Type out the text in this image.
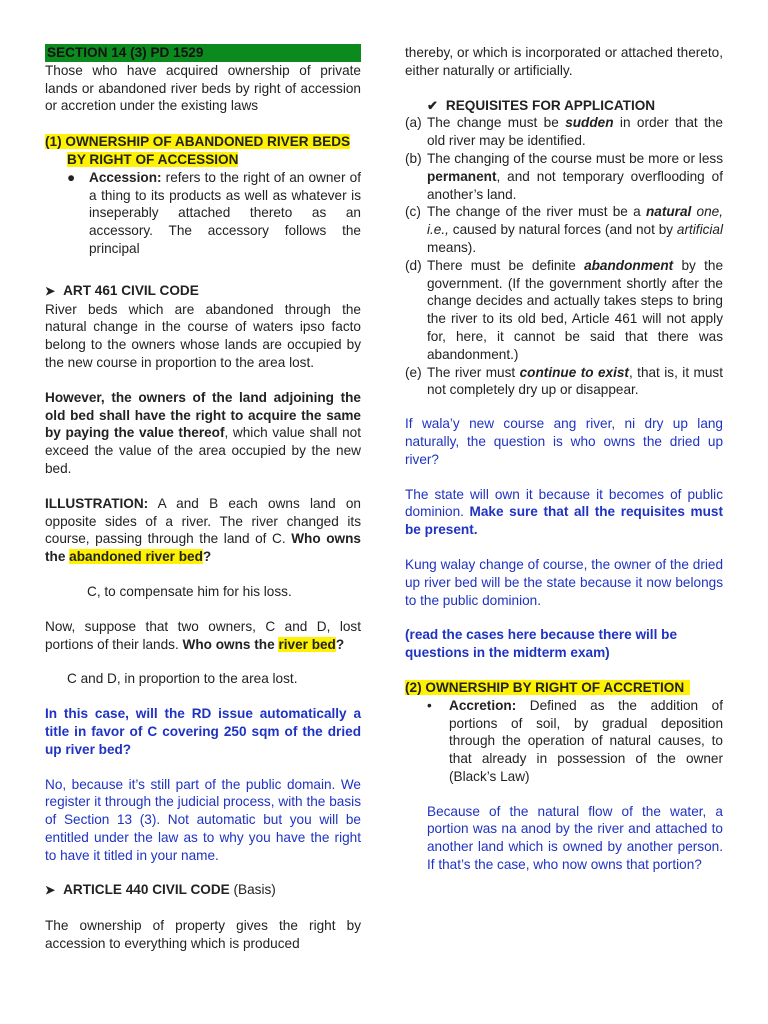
SECTION 14 (3) PD 1529

Those who have acquired ownership of private lands or abandoned river beds by right of accession or accretion under the existing laws

(1) OWNERSHIP OF ABANDONED RIVER BEDS BY RIGHT OF ACCESSION

●	Accession: refers to the right of an owner of a thing to its products as well as whatever is inseperably attached thereto as an accessory. The accessory follows the principal
➤ ART 461 CIVIL CODE

River beds which are abandoned through the natural change in the course of waters ipso facto belong to the owners whose lands are occupied by the new course in proportion to the area lost.

However, the owners of the land adjoining the old bed shall have the right to acquire the same by paying the value thereof, which value shall not exceed the value of the area occupied by the new bed.

ILLUSTRATION: A and B each owns land on opposite sides of a river. The river changed its course, passing through the land of C. Who owns the abandoned river bed?

C, to compensate him for his loss.

Now, suppose that two owners, C and D, lost portions of their lands. Who owns the river bed?

C and D, in proportion to the area lost.

In this case, will the RD issue automatically a title in favor of C covering 250 sqm of the dried up river bed?

No, because it’s still part of the public domain. We register it through the judicial process, with the basis of Section 13 (3). Not automatic but you will be entitled under the law as to why you have the right to have it titled in your name.

➤ ARTICLE 440 CIVIL CODE (Basis)

The ownership of property gives the right by accession to everything which is produced

thereby, or which is incorporated or attached thereto, either naturally or artificially.

✔ REQUISITES FOR APPLICATION
(a) The change must be sudden in order that the old river may be identified.
(b) The changing of the course must be more or less permanent, and not temporary overflooding of another’s land.
(c) The change of the river must be a natural one, i.e., caused by natural forces (and not by artificial means).
(d) There must be definite abandonment by the government. (If the government shortly after the change decides and actually takes steps to bring the river to its old bed, Article 461 will not apply for, here, it cannot be said that there was abandonment.)
(e) The river must continue to exist, that is, it must not completely dry up or disappear.

If wala’y new course ang river, ni dry up lang naturally, the question is who owns the dried up river?

The state will own it because it becomes of public dominion. Make sure that all the requisites must be present.

Kung walay change of course, the owner of the dried up river bed will be the state because it now belongs to the public dominion.

(read the cases here because there will be questions in the midterm exam)

(2) OWNERSHIP BY RIGHT OF ACCRETION

•	Accretion: Defined as the addition of portions of soil, by gradual deposition through the operation of natural causes, to that already in possession of the owner (Black’s Law)

Because of the natural flow of the water, a portion was na anod by the river and attached to another land which is owned by another person. If that’s the case, who now owns that portion?
